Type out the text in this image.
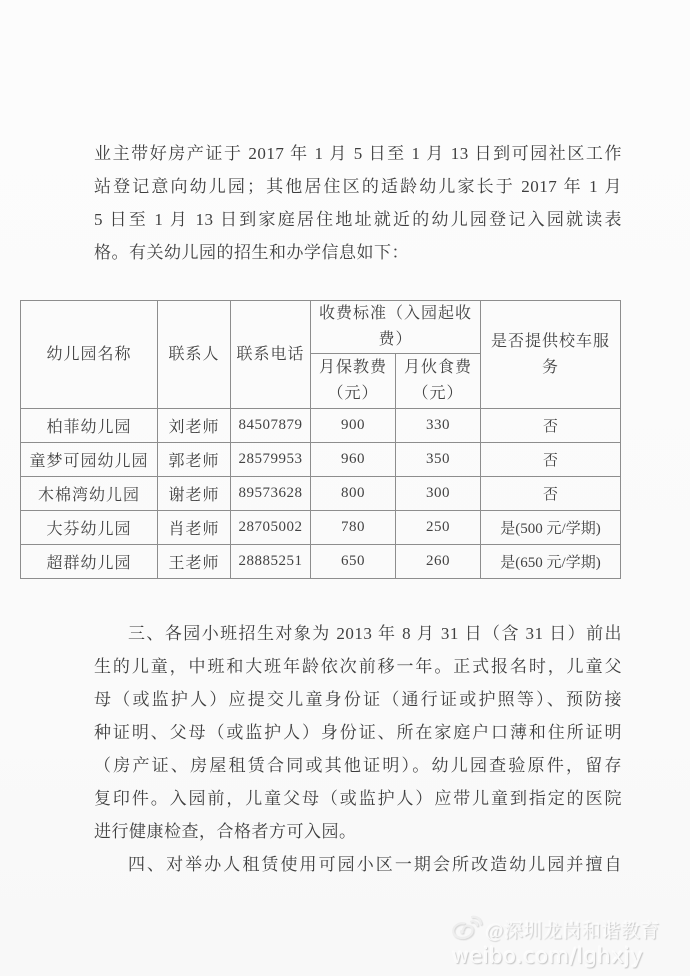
业主带好房产证于 2017 年 1 月 5 日至 1 月 13 日到可园社区工作
站登记意向幼儿园；其他居住区的适龄幼儿家长于 2017 年 1 月
5 日至 1 月 13 日到家庭居住地址就近的幼儿园登记入园就读表
格。有关幼儿园的招生和办学信息如下：
幼儿园名称	联系人	联系电话	收费标准（入园起收费）		是否提供校车服务

			月保教费（元）	月伙食费（元）	

柏菲幼儿园	刘老师	84507879	900	330	否
童梦可园幼儿园	郭老师	28579953	960	350	否
木棉湾幼儿园	谢老师	89573628	800	300	否
大芬幼儿园	肖老师	28705002	780	250	是(500 元/学期)
超群幼儿园	王老师	28885251	650	260	是(650 元/学期)
三、各园小班招生对象为 2013 年 8 月 31 日（含 31 日）前出
生的儿童，中班和大班年龄依次前移一年。正式报名时，儿童父
母（或监护人）应提交儿童身份证（通行证或护照等）、预防接
种证明、父母（或监护人）身份证、所在家庭户口薄和住所证明
（房产证、房屋租赁合同或其他证明）。幼儿园查验原件，留存
复印件。入园前，儿童父母（或监护人）应带儿童到指定的医院
进行健康检查，合格者方可入园。
四、对举办人租赁使用可园小区一期会所改造幼儿园并擅自
@深圳龙岗和谐教育
weibo.com/lghxjy
